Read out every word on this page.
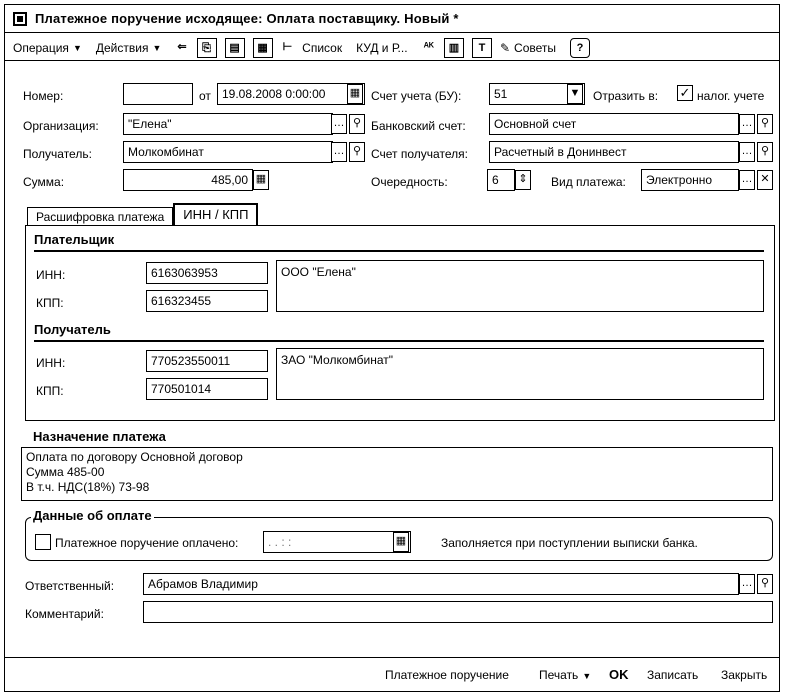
Платежное поручение исходящее: Оплата поставщику. Новый *
Операция ▼ Действия ▼ ⇐	⎘	▤	▦	⊢ Список КУД и Р... ᴬᴷ	▥	T	✎ Советы	?
Номер:	от 19.08.2008 0:00:00	▦ Счет учета (БУ):	51	▼ Отразить в: ✓ налог. учете
Организация:	"Елена"	… ⚲ Банковский счет:	Основной счет	… ⚲
Получатель:	Молкомбинат	… ⚲ Счет получателя:	Расчетный в Донинвест	… ⚲
Сумма:	485,00 ▦	Очередность:	6	⇕ Вид платежа:	Электронно	… ✕
Расшифровка платежа	ИНН / КПП
Плательщик
ИНН:	6163063953
КПП:	616323455
ООО "Елена"
Получатель
ИНН:	770523550011
КПП:	770501014
ЗАО "Молкомбинат"
Назначение платежа
Оплата по договору Основной договор
Сумма 485-00
В т.ч. НДС(18%) 73-98
Данные об оплате
Платежное поручение оплачено:	. . : :	▦	Заполняется при поступлении выписки банка.
Ответственный:	Абрамов Владимир	… ⚲
Комментарий:
Платежное поручение	Печать ▼ OK Записать Закрыть
